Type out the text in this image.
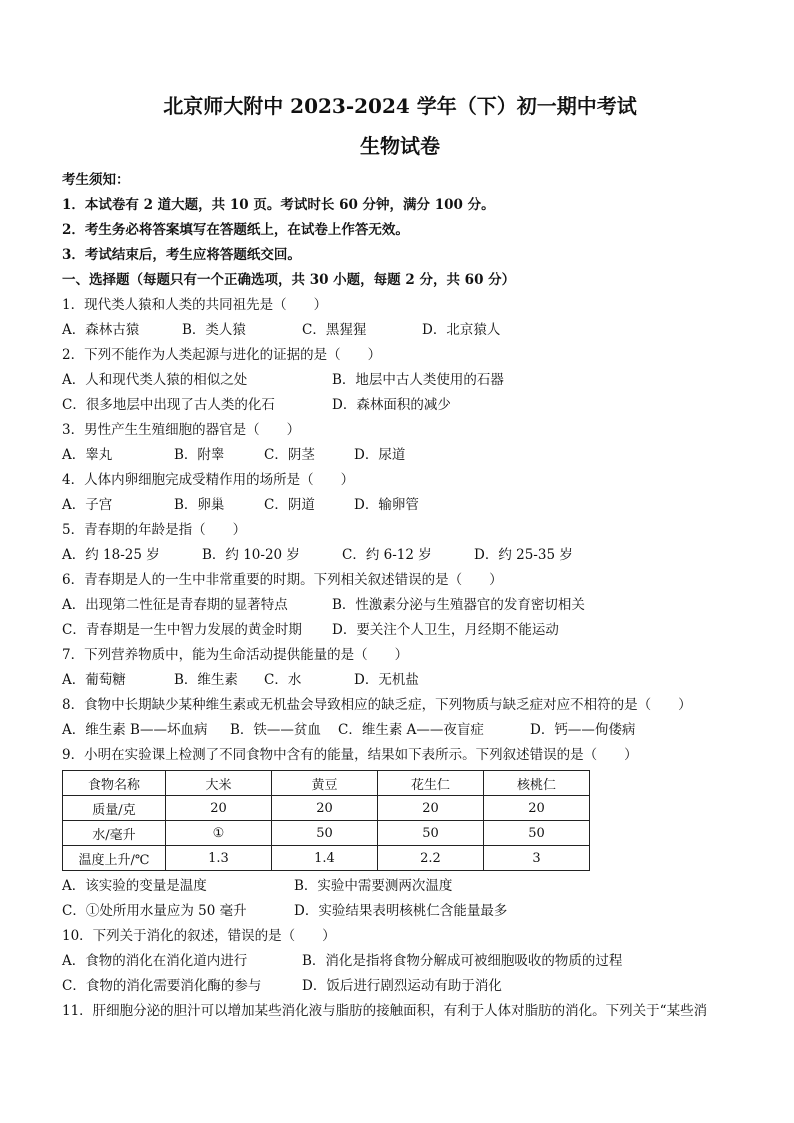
北京师大附中 2023-2024 学年（下）初一期中考试
生物试卷
考生须知：
1．本试卷有 2 道大题，共 10 页。考试时长 60 分钟，满分 100 分。
2．考生务必将答案填写在答题纸上，在试卷上作答无效。
3．考试结束后，考生应将答题纸交回。
一、选择题（每题只有一个正确选项，共 30 小题，每题 2 分，共 60 分）
1．现代类人猿和人类的共同祖先是（　　）
A．森林古猿	B．类人猿	C．黑猩猩	D．北京猿人
2．下列不能作为人类起源与进化的证据的是（　　）
A．人和现代类人猿的相似之处	B．地层中古人类使用的石器
C．很多地层中出现了古人类的化石	D．森林面积的减少
3．男性产生生殖细胞的器官是（　　）
A．睾丸	B．附睾	C．阴茎	D．尿道
4．人体内卵细胞完成受精作用的场所是（　　）
A．子宫	B．卵巢	C．阴道	D．输卵管
5．青春期的年龄是指（　　）
A．约 18-25 岁	B．约 10-20 岁	C．约 6-12 岁	D．约 25-35 岁
6．青春期是人的一生中非常重要的时期。下列相关叙述错误的是（　　）
A．出现第二性征是青春期的显著特点	B．性激素分泌与生殖器官的发育密切相关
C．青春期是一生中智力发展的黄金时期	D．要关注个人卫生，月经期不能运动
7．下列营养物质中，能为生命活动提供能量的是（　　）
A．葡萄糖	B．维生素	C．水	D．无机盐
8．食物中长期缺少某种维生素或无机盐会导致相应的缺乏症，下列物质与缺乏症对应不相符的是（　　）
A．维生素 B——坏血病	B．铁——贫血	C．维生素 A——夜盲症	D．钙——佝偻病
9．小明在实验课上检测了不同食物中含有的能量，结果如下表所示。下列叙述错误的是（　　）
食物名称	大米	黄豆	花生仁	核桃仁
质量/克	20	20	20	20
水/毫升	①	50	50	50
温度上升/℃	1.3	1.4	2.2	3
A．该实验的变量是温度	B．实验中需要测两次温度
C．①处所用水量应为 50 毫升	D．实验结果表明核桃仁含能量最多
10．下列关于消化的叙述，错误的是（　　）
A．食物的消化在消化道内进行	B．消化是指将食物分解成可被细胞吸收的物质的过程
C．食物的消化需要消化酶的参与	D．饭后进行剧烈运动有助于消化
11．肝细胞分泌的胆汁可以增加某些消化液与脂肪的接触面积，有利于人体对脂肪的消化。下列关于“某些消
